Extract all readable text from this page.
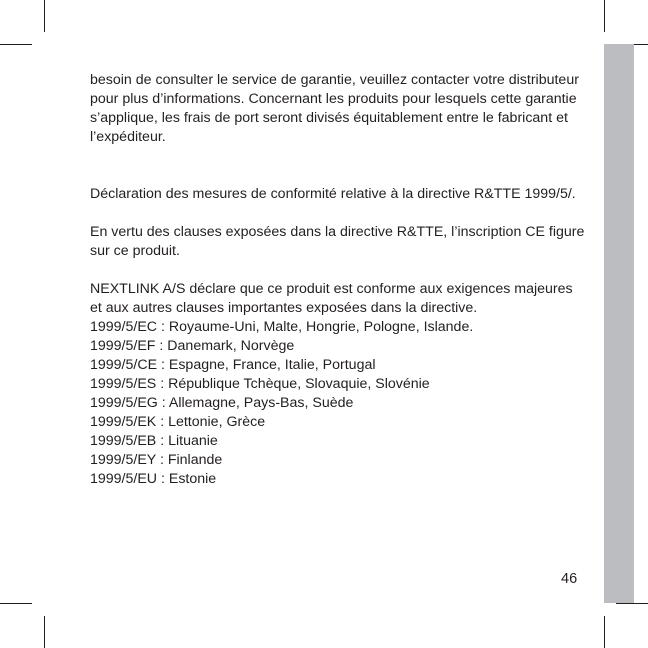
besoin de consulter le service de garantie, veuillez contacter votre distributeur pour plus d’informations. Concernant les produits pour lesquels cette garantie s’applique, les frais de port seront divisés équitablement entre le fabricant et l’expéditeur.

Déclaration des mesures de conformité relative à la directive R&TTE 1999/5/.

En vertu des clauses exposées dans la directive R&TTE, l’inscription CE figure sur ce produit.

NEXTLINK A/S déclare que ce produit est conforme aux exigences majeures et aux autres clauses importantes exposées dans la directive.

1999/5/EC : Royaume-Uni, Malte, Hongrie, Pologne, Islande.
1999/5/EF : Danemark, Norvège
1999/5/CE : Espagne, France, Italie, Portugal
1999/5/ES : République Tchèque, Slovaquie, Slovénie
1999/5/EG : Allemagne, Pays-Bas, Suède
1999/5/EK : Lettonie, Grèce
1999/5/EB : Lituanie
1999/5/EY : Finlande
1999/5/EU : Estonie
46
